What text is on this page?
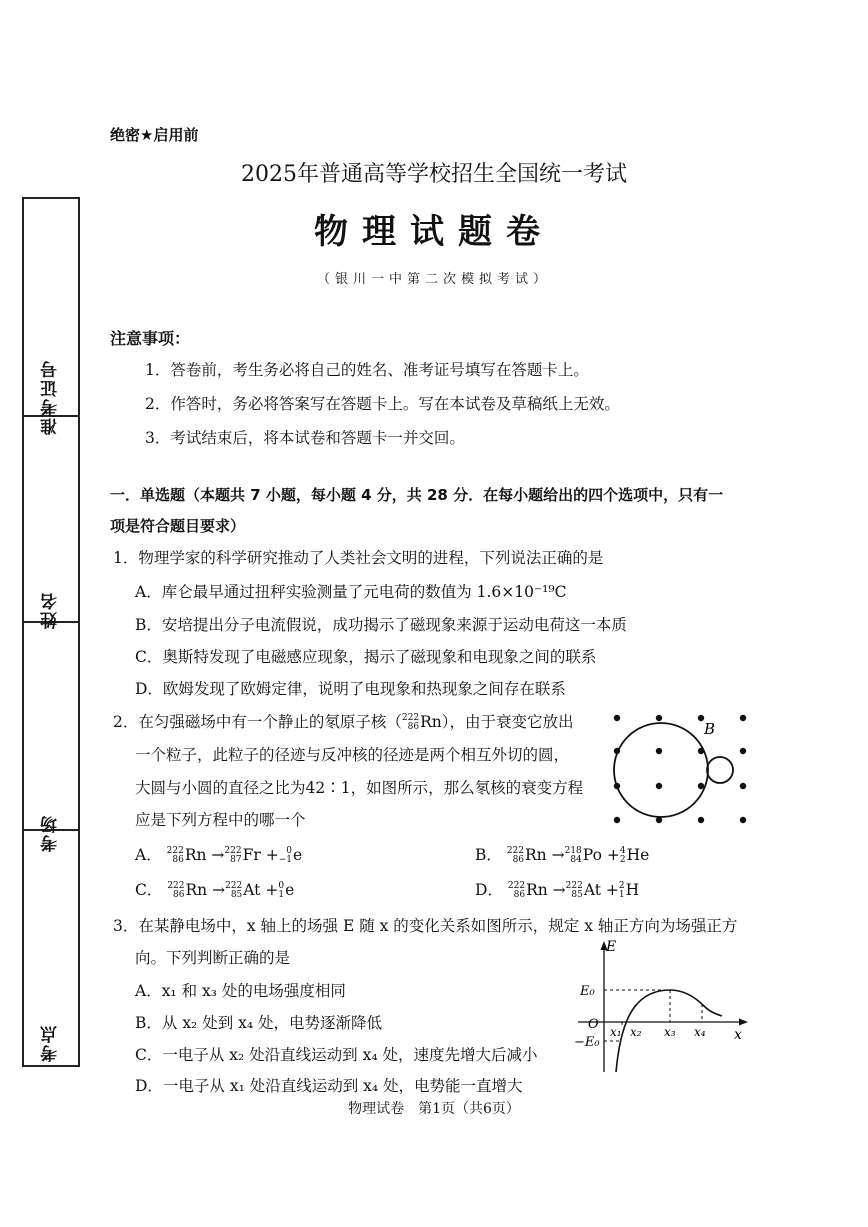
准考证号
姓名
考场
考点
绝密★启用前
2025年普通高等学校招生全国统一考试
物理试题卷
（银川一中第二次模拟考试）
注意事项：
1．答卷前，考生务必将自己的姓名、准考证号填写在答题卡上。
2．作答时，务必将答案写在答题卡上。写在本试卷及草稿纸上无效。
3．考试结束后，将本试卷和答题卡一并交回。
一．单选题（本题共 7 小题，每小题 4 分，共 28 分．在每小题给出的四个选项中，只有一
项是符合题目要求）
1．物理学家的科学研究推动了人类社会文明的进程，下列说法正确的是
A．库仑最早通过扭秤实验测量了元电荷的数值为 1.6×10⁻¹⁹C
B．安培提出分子电流假说，成功揭示了磁现象来源于运动电荷这一本质
C．奥斯特发现了电磁感应现象，揭示了磁现象和电现象之间的联系
D．欧姆发现了欧姆定律，说明了电现象和热现象之间存在联系
2．在匀强磁场中有一个静止的氡原子核（ 222
86 Rn），由于衰变它放出
一个粒子，此粒子的径迹与反冲核的径迹是两个相互外切的圆，
大圆与小圆的直径之比为42∶1，如图所示，那么氡核的衰变方程
应是下列方程中的哪一个
B
A． 222
86 Rn → 222
87 Fr + 0
−1 e	B． 222
86 Rn → 218
84 Po + 4
2 He
C． 222
86 Rn → 222
85 At + 0
1 e	D． 222
86 Rn → 222
85 At + 2
1 H
3．在某静电场中，x 轴上的场强 E 随 x 的变化关系如图所示，规定 x 轴正方向为场强正方
向。下列判断正确的是
A．x₁ 和 x₃ 处的电场强度相同
B．从 x₂ 处到 x₄ 处，电势逐渐降低
C．一电子从 x₂ 处沿直线运动到 x₄ 处，速度先增大后减小
D．一电子从 x₁ 处沿直线运动到 x₄ 处，电势能一直增大
E
x
O
E₀
−E₀
x₁ x₂ x₃ x₄
物理试卷　第1页（共6页）
